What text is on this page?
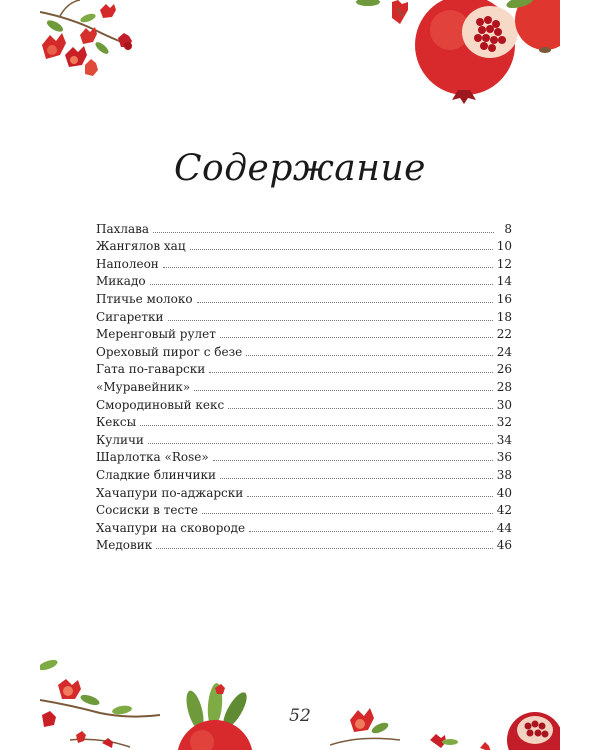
Содержание
Пахлава	8
Жангялов хац	10
Наполеон	12
Микадо	14
Птичье молоко	16
Сигаретки	18
Меренговый рулет	22
Ореховый пирог с безе	24
Гата по-гаварски	26
«Муравейник»	28
Смородиновый кекс	30
Кексы	32
Куличи	34
Шарлотка «Rose»	36
Сладкие блинчики	38
Хачапури по-аджарски	40
Сосиски в тесте	42
Хачапури на сковороде	44
Медовик	46
52
